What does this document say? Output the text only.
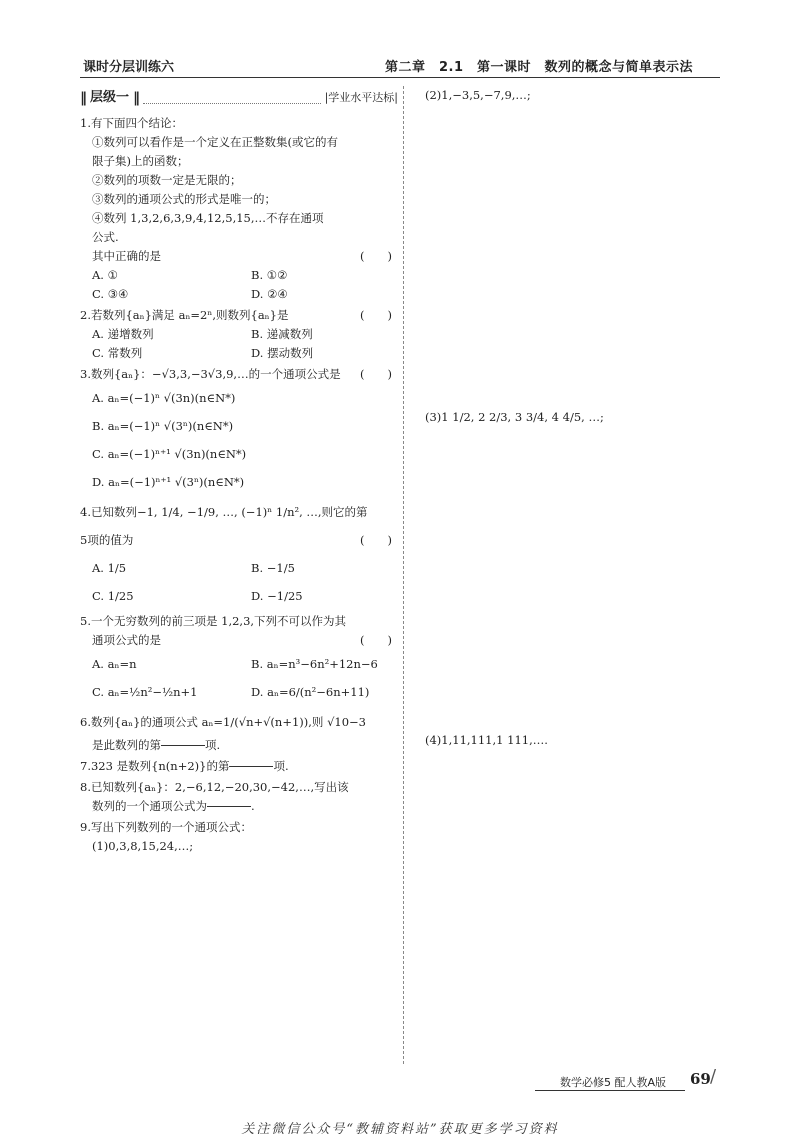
课时分层训练六	第二章　2.1　第一课时　数列的概念与简单表示法
‖ 层级一 ‖	|学业水平达标|
1.有下面四个结论：
①数列可以看作是一个定义在正整数集(或它的有
限子集)上的函数；
②数列的项数一定是无限的；
③数列的通项公式的形式是唯一的；
④数列 1,3,2,6,3,9,4,12,5,15,…不存在通项
公式.
其中正确的是	(　　)
A. ①	B. ①②
C. ③④	D. ②④
2.若数列{aₙ}满足 aₙ=2ⁿ,则数列{aₙ}是	(　　)
A. 递增数列	B. 递减数列
C. 常数列	D. 摆动数列
3.数列{aₙ}：−√3,3,−3√3,9,…的一个通项公式是	(　　)
A. aₙ=(−1)ⁿ √(3n)(n∈N*)
B. aₙ=(−1)ⁿ √(3ⁿ)(n∈N*)
C. aₙ=(−1)ⁿ⁺¹ √(3n)(n∈N*)
D. aₙ=(−1)ⁿ⁺¹ √(3ⁿ)(n∈N*)
4.已知数列−1, 1/4, −1/9, …, (−1)ⁿ 1/n², …,则它的第
5项的值为	(　　)
A. 1/5	B. −1/5
C. 1/25	D. −1/25
5.一个无穷数列的前三项是 1,2,3,下列不可以作为其
通项公式的是	(　　)
A. aₙ=n	B. aₙ=n³−6n²+12n−6
C. aₙ=½n²−½n+1	D. aₙ=6/(n²−6n+11)
6.数列{aₙ}的通项公式 aₙ=1/(√n+√(n+1)),则 √10−3
是此数列的第	项.
7.323 是数列{n(n+2)}的第	项.
8.已知数列{aₙ}：2,−6,12,−20,30,−42,…,写出该
数列的一个通项公式为	.
9.写出下列数列的一个通项公式：
(1)0,3,8,15,24,…;
(2)1,−3,5,−7,9,…;
(3)1 1/2, 2 2/3, 3 3/4, 4 4/5, …;
(4)1,11,111,1 111,….
数学必修5 配人教A版 69 /
关注微信公众号“教辅资料站”获取更多学习资料
